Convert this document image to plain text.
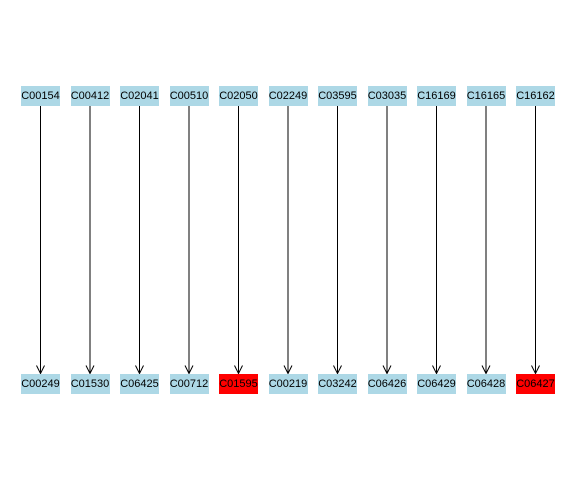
C00154
C00249
C00412
C01530
C02041
C06425
C00510
C00712
C02050
C01595
C02249
C00219
C03595
C03242
C03035
C06426
C16169
C06429
C16165
C06428
C16162
C06427
